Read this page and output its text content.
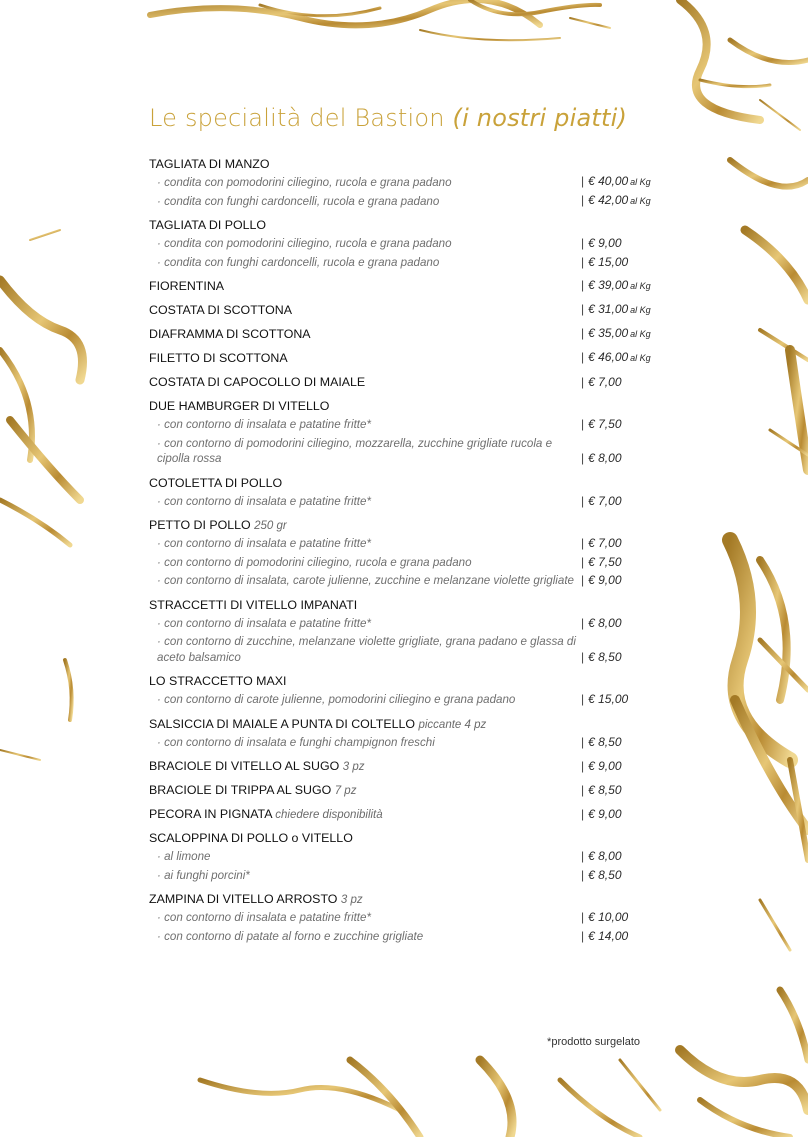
Le specialità del Bastion (i nostri piatti)
TAGLIATA DI MANZO
· condita con pomodorini ciliegino, rucola e grana padano	| € 40,00 al Kg
· condita con funghi cardoncelli, rucola e grana padano	| € 42,00 al Kg
TAGLIATA DI POLLO
· condita con pomodorini ciliegino, rucola e grana padano	| € 9,00
· condita con funghi cardoncelli, rucola e grana padano	| € 15,00
FIORENTINA	| € 39,00 al Kg
COSTATA DI SCOTTONA	| € 31,00 al Kg
DIAFRAMMA DI SCOTTONA	| € 35,00 al Kg
FILETTO DI SCOTTONA	| € 46,00 al Kg
COSTATA DI CAPOCOLLO DI MAIALE	| € 7,00
DUE HAMBURGER DI VITELLO
· con contorno di insalata e patatine fritte*	| € 7,50
· con contorno di pomodorini ciliegino, mozzarella, zucchine grigliate rucola e cipolla rossa	| € 8,00
COTOLETTA DI POLLO
· con contorno di insalata e patatine fritte*	| € 7,00
PETTO DI POLLO 250 gr
· con contorno di insalata e patatine fritte*	| € 7,00
· con contorno di pomodorini ciliegino, rucola e grana padano	| € 7,50
· con contorno di insalata, carote julienne, zucchine e melanzane violette grigliate | € 9,00
STRACCETTI DI VITELLO IMPANATI
· con contorno di insalata e patatine fritte*	| € 8,00
· con contorno di zucchine, melanzane violette grigliate, grana padano e glassa di aceto balsamico	| € 8,50
LO STRACCETTO MAXI
· con contorno di carote julienne, pomodorini ciliegino e grana padano	| € 15,00
SALSICCIA DI MAIALE A PUNTA DI COLTELLO piccante 4 pz
· con contorno di insalata e funghi champignon freschi	| € 8,50
BRACIOLE DI VITELLO AL SUGO 3 pz	| € 9,00
BRACIOLE DI TRIPPA AL SUGO 7 pz	| € 8,50
PECORA IN PIGNATA chiedere disponibilità	| € 9,00
SCALOPPINA DI POLLO o VITELLO
· al limone	| € 8,00
· ai funghi porcini*	| € 8,50
ZAMPINA DI VITELLO ARROSTO 3 pz
· con contorno di insalata e patatine fritte*	| € 10,00
· con contorno di patate al forno e zucchine grigliate	| € 14,00
*prodotto surgelato
